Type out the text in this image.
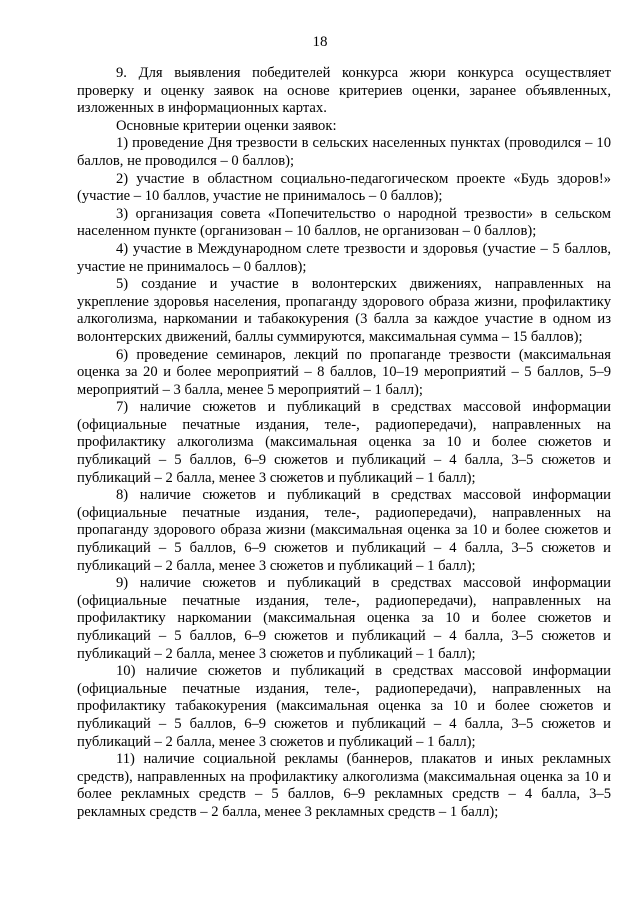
18

9. Для выявления победителей конкурса жюри конкурса осуществляет проверку и оценку заявок на основе критериев оценки, заранее объявленных, изложенных в информационных картах.

Основные критерии оценки заявок:

1) проведение Дня трезвости в сельских населенных пунктах (проводился – 10 баллов, не проводился – 0 баллов);

2) участие в областном социально-педагогическом проекте «Будь здоров!» (участие – 10 баллов, участие не принималось – 0 баллов);

3) организация совета «Попечительство о народной трезвости» в сельском населенном пункте (организован – 10 баллов, не организован – 0 баллов);

4) участие в Международном слете трезвости и здоровья (участие – 5 баллов, участие не принималось – 0 баллов);

5) создание и участие в волонтерских движениях, направленных на укрепление здоровья населения, пропаганду здорового образа жизни, профилактику алкоголизма, наркомании и табакокурения (3 балла за каждое участие в одном из волонтерских движений, баллы суммируются, максимальная сумма – 15 баллов);

6) проведение семинаров, лекций по пропаганде трезвости (максимальная оценка за 20 и более мероприятий – 8 баллов, 10–19 мероприятий – 5 баллов, 5–9 мероприятий – 3 балла, менее 5 мероприятий – 1 балл);

7) наличие сюжетов и публикаций в средствах массовой информации (официальные печатные издания, теле-, радиопередачи), направленных на профилактику алкоголизма (максимальная оценка за 10 и более сюжетов и публикаций – 5 баллов, 6–9 сюжетов и публикаций – 4 балла, 3–5 сюжетов и публикаций – 2 балла, менее 3 сюжетов и публикаций – 1 балл);

8) наличие сюжетов и публикаций в средствах массовой информации (официальные печатные издания, теле-, радиопередачи), направленных на пропаганду здорового образа жизни (максимальная оценка за 10 и более сюжетов и публикаций – 5 баллов, 6–9 сюжетов и публикаций – 4 балла, 3–5 сюжетов и публикаций – 2 балла, менее 3 сюжетов и публикаций – 1 балл);

9) наличие сюжетов и публикаций в средствах массовой информации (официальные печатные издания, теле-, радиопередачи), направленных на профилактику наркомании (максимальная оценка за 10 и более сюжетов и публикаций – 5 баллов, 6–9 сюжетов и публикаций – 4 балла, 3–5 сюжетов и публикаций – 2 балла, менее 3 сюжетов и публикаций – 1 балл);

10) наличие сюжетов и публикаций в средствах массовой информации (официальные печатные издания, теле-, радиопередачи), направленных на профилактику табакокурения (максимальная оценка за 10 и более сюжетов и публикаций – 5 баллов, 6–9 сюжетов и публикаций – 4 балла, 3–5 сюжетов и публикаций – 2 балла, менее 3 сюжетов и публикаций – 1 балл);

11) наличие социальной рекламы (баннеров, плакатов и иных рекламных средств), направленных на профилактику алкоголизма (максимальная оценка за 10 и более рекламных средств – 5 баллов, 6–9 рекламных средств – 4 балла, 3–5 рекламных средств – 2 балла, менее 3 рекламных средств – 1 балл);
